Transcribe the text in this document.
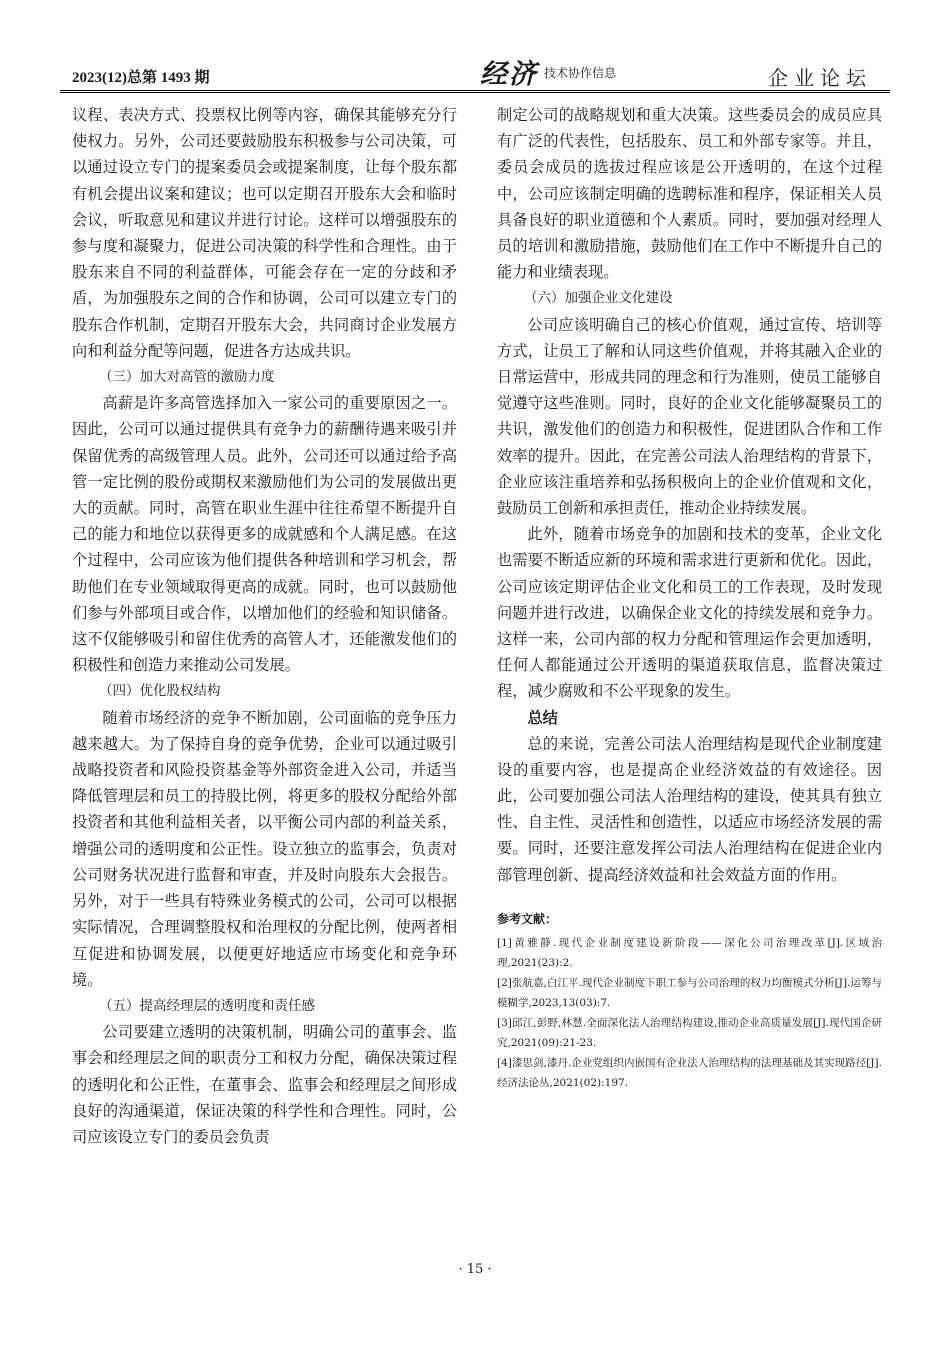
2023(12)总第 1493 期	经济 技术协作信息	企业论坛

议程、表决方式、投票权比例等内容，确保其能够充分行使权力。另外，公司还要鼓励股东积极参与公司决策，可以通过设立专门的提案委员会或提案制度，让每个股东都有机会提出议案和建议；也可以定期召开股东大会和临时会议，听取意见和建议并进行讨论。这样可以增强股东的参与度和凝聚力，促进公司决策的科学性和合理性。由于股东来自不同的利益群体，可能会存在一定的分歧和矛盾，为加强股东之间的合作和协调，公司可以建立专门的股东合作机制，定期召开股东大会，共同商讨企业发展方向和利益分配等问题，促进各方达成共识。

（三）加大对高管的激励力度

高薪是许多高管选择加入一家公司的重要原因之一。因此，公司可以通过提供具有竞争力的薪酬待遇来吸引并保留优秀的高级管理人员。此外，公司还可以通过给予高管一定比例的股份或期权来激励他们为公司的发展做出更大的贡献。同时，高管在职业生涯中往往希望不断提升自己的能力和地位以获得更多的成就感和个人满足感。在这个过程中，公司应该为他们提供各种培训和学习机会，帮助他们在专业领域取得更高的成就。同时，也可以鼓励他们参与外部项目或合作，以增加他们的经验和知识储备。这不仅能够吸引和留住优秀的高管人才，还能激发他们的积极性和创造力来推动公司发展。

（四）优化股权结构

随着市场经济的竞争不断加剧，公司面临的竞争压力越来越大。为了保持自身的竞争优势，企业可以通过吸引战略投资者和风险投资基金等外部资金进入公司，并适当降低管理层和员工的持股比例，将更多的股权分配给外部投资者和其他利益相关者，以平衡公司内部的利益关系，增强公司的透明度和公正性。设立独立的监事会，负责对公司财务状况进行监督和审查，并及时向股东大会报告。另外，对于一些具有特殊业务模式的公司，公司可以根据实际情况，合理调整股权和治理权的分配比例，使两者相互促进和协调发展，以便更好地适应市场变化和竞争环境。

（五）提高经理层的透明度和责任感

公司要建立透明的决策机制，明确公司的董事会、监事会和经理层之间的职责分工和权力分配，确保决策过程的透明化和公正性，在董事会、监事会和经理层之间形成良好的沟通渠道，保证决策的科学性和合理性。同时，公司应该设立专门的委员会负责

制定公司的战略规划和重大决策。这些委员会的成员应具有广泛的代表性，包括股东、员工和外部专家等。并且，委员会成员的选拔过程应该是公开透明的，在这个过程中，公司应该制定明确的选聘标准和程序，保证相关人员具备良好的职业道德和个人素质。同时，要加强对经理人员的培训和激励措施，鼓励他们在工作中不断提升自己的能力和业绩表现。

（六）加强企业文化建设

公司应该明确自己的核心价值观，通过宣传、培训等方式，让员工了解和认同这些价值观，并将其融入企业的日常运营中，形成共同的理念和行为准则，使员工能够自觉遵守这些准则。同时，良好的企业文化能够凝聚员工的共识，激发他们的创造力和积极性，促进团队合作和工作效率的提升。因此，在完善公司法人治理结构的背景下，企业应该注重培养和弘扬积极向上的企业价值观和文化，鼓励员工创新和承担责任，推动企业持续发展。

此外，随着市场竞争的加剧和技术的变革，企业文化也需要不断适应新的环境和需求进行更新和优化。因此，公司应该定期评估企业文化和员工的工作表现，及时发现问题并进行改进，以确保企业文化的持续发展和竞争力。这样一来，公司内部的权力分配和管理运作会更加透明，任何人都能通过公开透明的渠道获取信息，监督决策过程，减少腐败和不公平现象的发生。

总结

总的来说，完善公司法人治理结构是现代企业制度建设的重要内容，也是提高企业经济效益的有效途径。因此，公司要加强公司法人治理结构的建设，使其具有独立性、自主性、灵活性和创造性，以适应市场经济发展的需要。同时，还要注意发挥公司法人治理结构在促进企业内部管理创新、提高经济效益和社会效益方面的作用。

参考文献：

[1]黄雅静.现代企业制度建设新阶段——深化公司治理改革[J].区域治理,2021(23):2.

[2]张航嘉,白江平.现代企业制度下职工参与公司治理的权力均衡模式分析[J].运筹与模糊学,2023,13(03):7.

[3]邱江,彭野,林慧.全面深化法人治理结构建设,推动企业高质量发展[J].现代国企研究,2021(09):21-23.

[4]漆思剑,漆丹.企业党组织内嵌国有企业法人治理结构的法理基础及其实现路径[J].经济法论丛,2021(02):197.

· 15 ·
